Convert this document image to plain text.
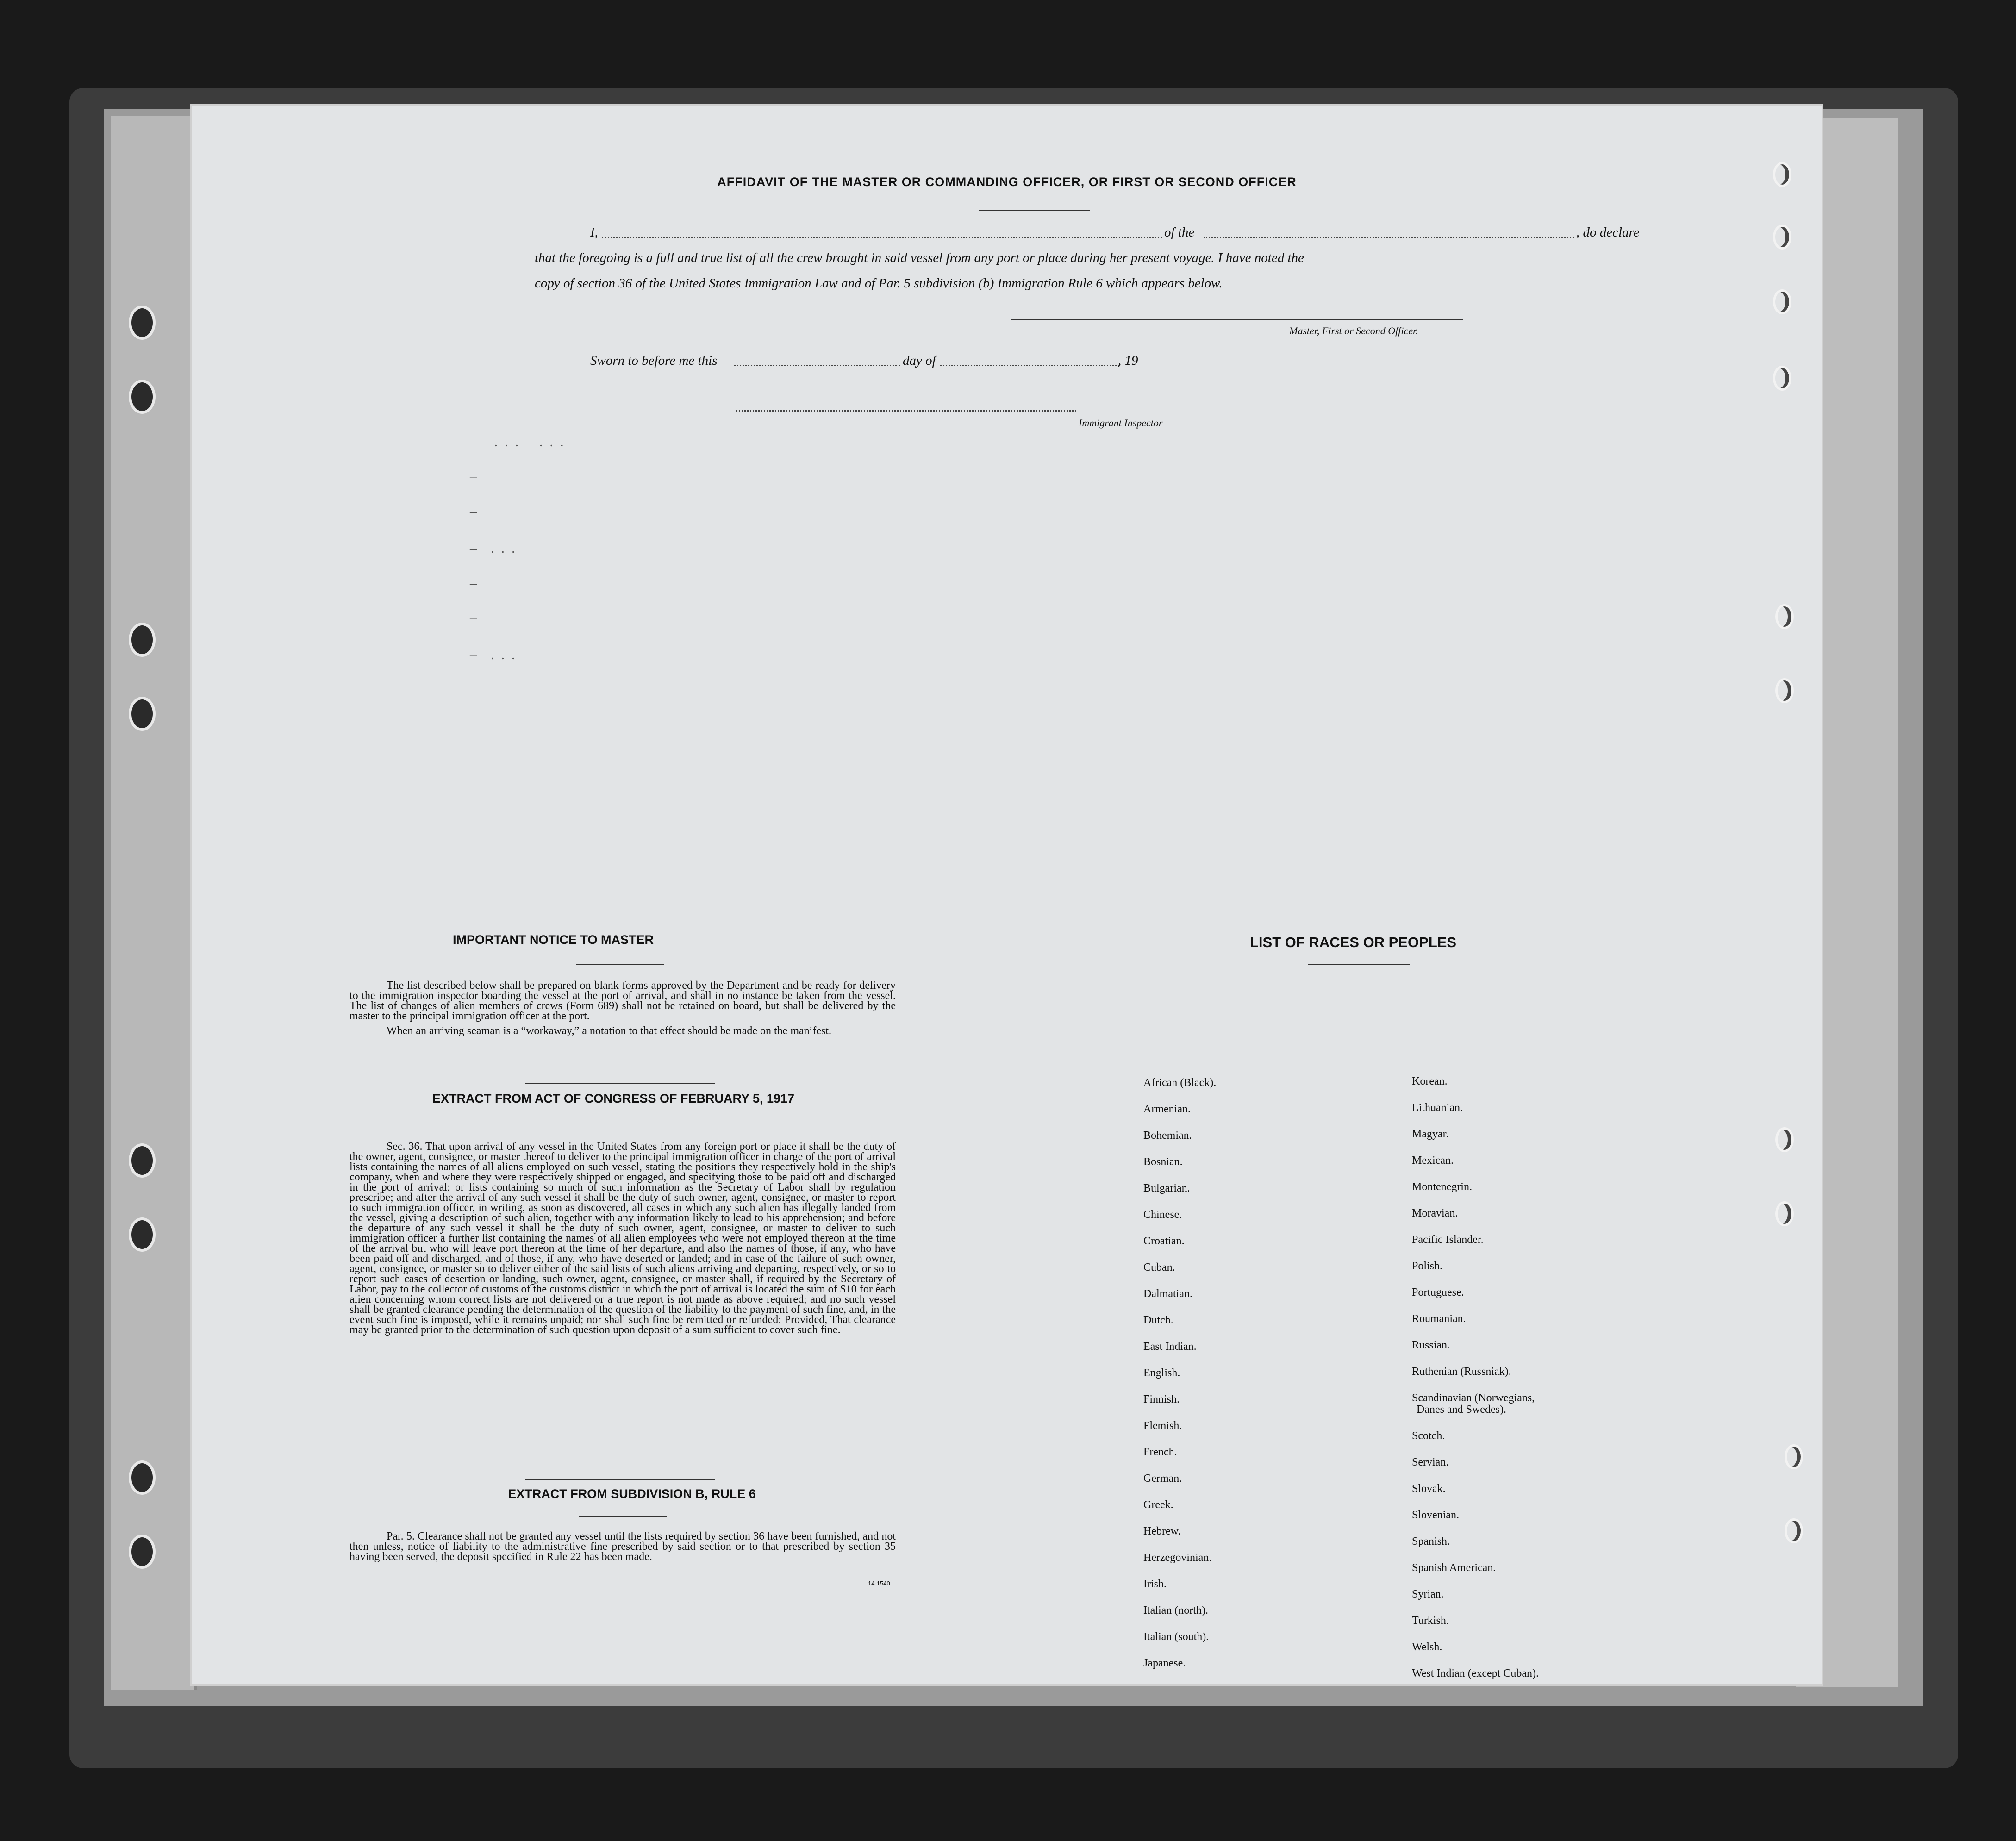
AFFIDAVIT OF THE MASTER OR COMMANDING OFFICER, OR FIRST OR SECOND OFFICER
I,	of the	, do declare
that the foregoing is a full and true list of all the crew brought in said vessel from any port or place during her present voyage. I have noted the
copy of section 36 of the United States Immigration Law and of Par. 5 subdivision (b) Immigration Rule 6 which appears below.
Master, First or Second Officer.
Sworn to before me this	day of	, 19
Immigrant Inspector
–     .  .  .      .  .  .
–
–
–    .  .  .
–
–
–    .  .  .
IMPORTANT NOTICE TO MASTER
The list described below shall be prepared on blank forms approved by the Department and be ready for delivery to the immigration inspector boarding the vessel at the port of arrival, and shall in no instance be taken from the vessel.  The list of changes of alien members of crews (Form 689) shall not be retained on board, but shall be delivered by the master to the principal immigration officer at the port.
When an arriving seaman is a “workaway,” a notation to that effect should be made on the manifest.
EXTRACT FROM ACT OF CONGRESS OF FEBRUARY 5, 1917
Sec. 36. That upon arrival of any vessel in the United States from any foreign port or place it shall be the duty of the owner, agent, consignee, or master thereof to deliver to the principal immigration officer in charge of the port of arrival lists containing the names of all aliens employed on such vessel, stating the positions they respectively hold in the ship's company, when and where they were respectively shipped or engaged, and specifying those to be paid off and discharged in the port of arrival; or lists containing so much of such information as the Secretary of Labor shall by regulation prescribe; and after the arrival of any such vessel it shall be the duty of such owner, agent, consignee, or master to report to such immigration officer, in writing, as soon as discovered, all cases in which any such alien has illegally landed from the vessel, giving a description of such alien, together with any information likely to lead to his apprehension; and before the departure of any such vessel it shall be the duty of such owner, agent, consignee, or master to deliver to such immigration officer a further list containing the names of all alien employees who were not employed thereon at the time of the arrival but who will leave port thereon at the time of her departure, and also the names of those, if any, who have been paid off and discharged, and of those, if any, who have deserted or landed; and in case of the failure of such owner, agent, consignee, or master so to deliver either of the said lists of such aliens arriving and departing, respectively, or so to report such cases of desertion or landing, such owner, agent, consignee, or master shall, if required by the Secretary of Labor, pay to the collector of customs of the customs district in which the port of arrival is located the sum of $10 for each alien concerning whom correct lists are not delivered or a true report is not made as above required; and no such vessel shall be granted clearance pending the determination of the question of the liability to the payment of such fine, and, in the event such fine is imposed, while it remains unpaid; nor shall such fine be remitted or refunded: Provided, That clearance may be granted prior to the determination of such question upon deposit of a sum sufficient to cover such fine.
EXTRACT FROM SUBDIVISION B, RULE 6
Par. 5. Clearance shall not be granted any vessel until the lists required by section 36 have been furnished, and not then unless, notice of liability to the administrative fine prescribed by said section or to that prescribed by section 35 having been served, the deposit specified in Rule 22 has been made.
14-1540
LIST OF RACES OR PEOPLES
African (Black).
Armenian.
Bohemian.
Bosnian.
Bulgarian.
Chinese.
Croatian.
Cuban.
Dalmatian.
Dutch.
East Indian.
English.
Finnish.
Flemish.
French.
German.
Greek.
Hebrew.
Herzegovinian.
Irish.
Italian (north).
Italian (south).
Japanese.
Korean.
Lithuanian.
Magyar.
Mexican.
Montenegrin.
Moravian.
Pacific Islander.
Polish.
Portuguese.
Roumanian.
Russian.
Ruthenian (Russniak).
Scandinavian (Norwegians,
Danes and Swedes).
Scotch.
Servian.
Slovak.
Slovenian.
Spanish.
Spanish American.
Syrian.
Turkish.
Welsh.
West Indian (except Cuban).
